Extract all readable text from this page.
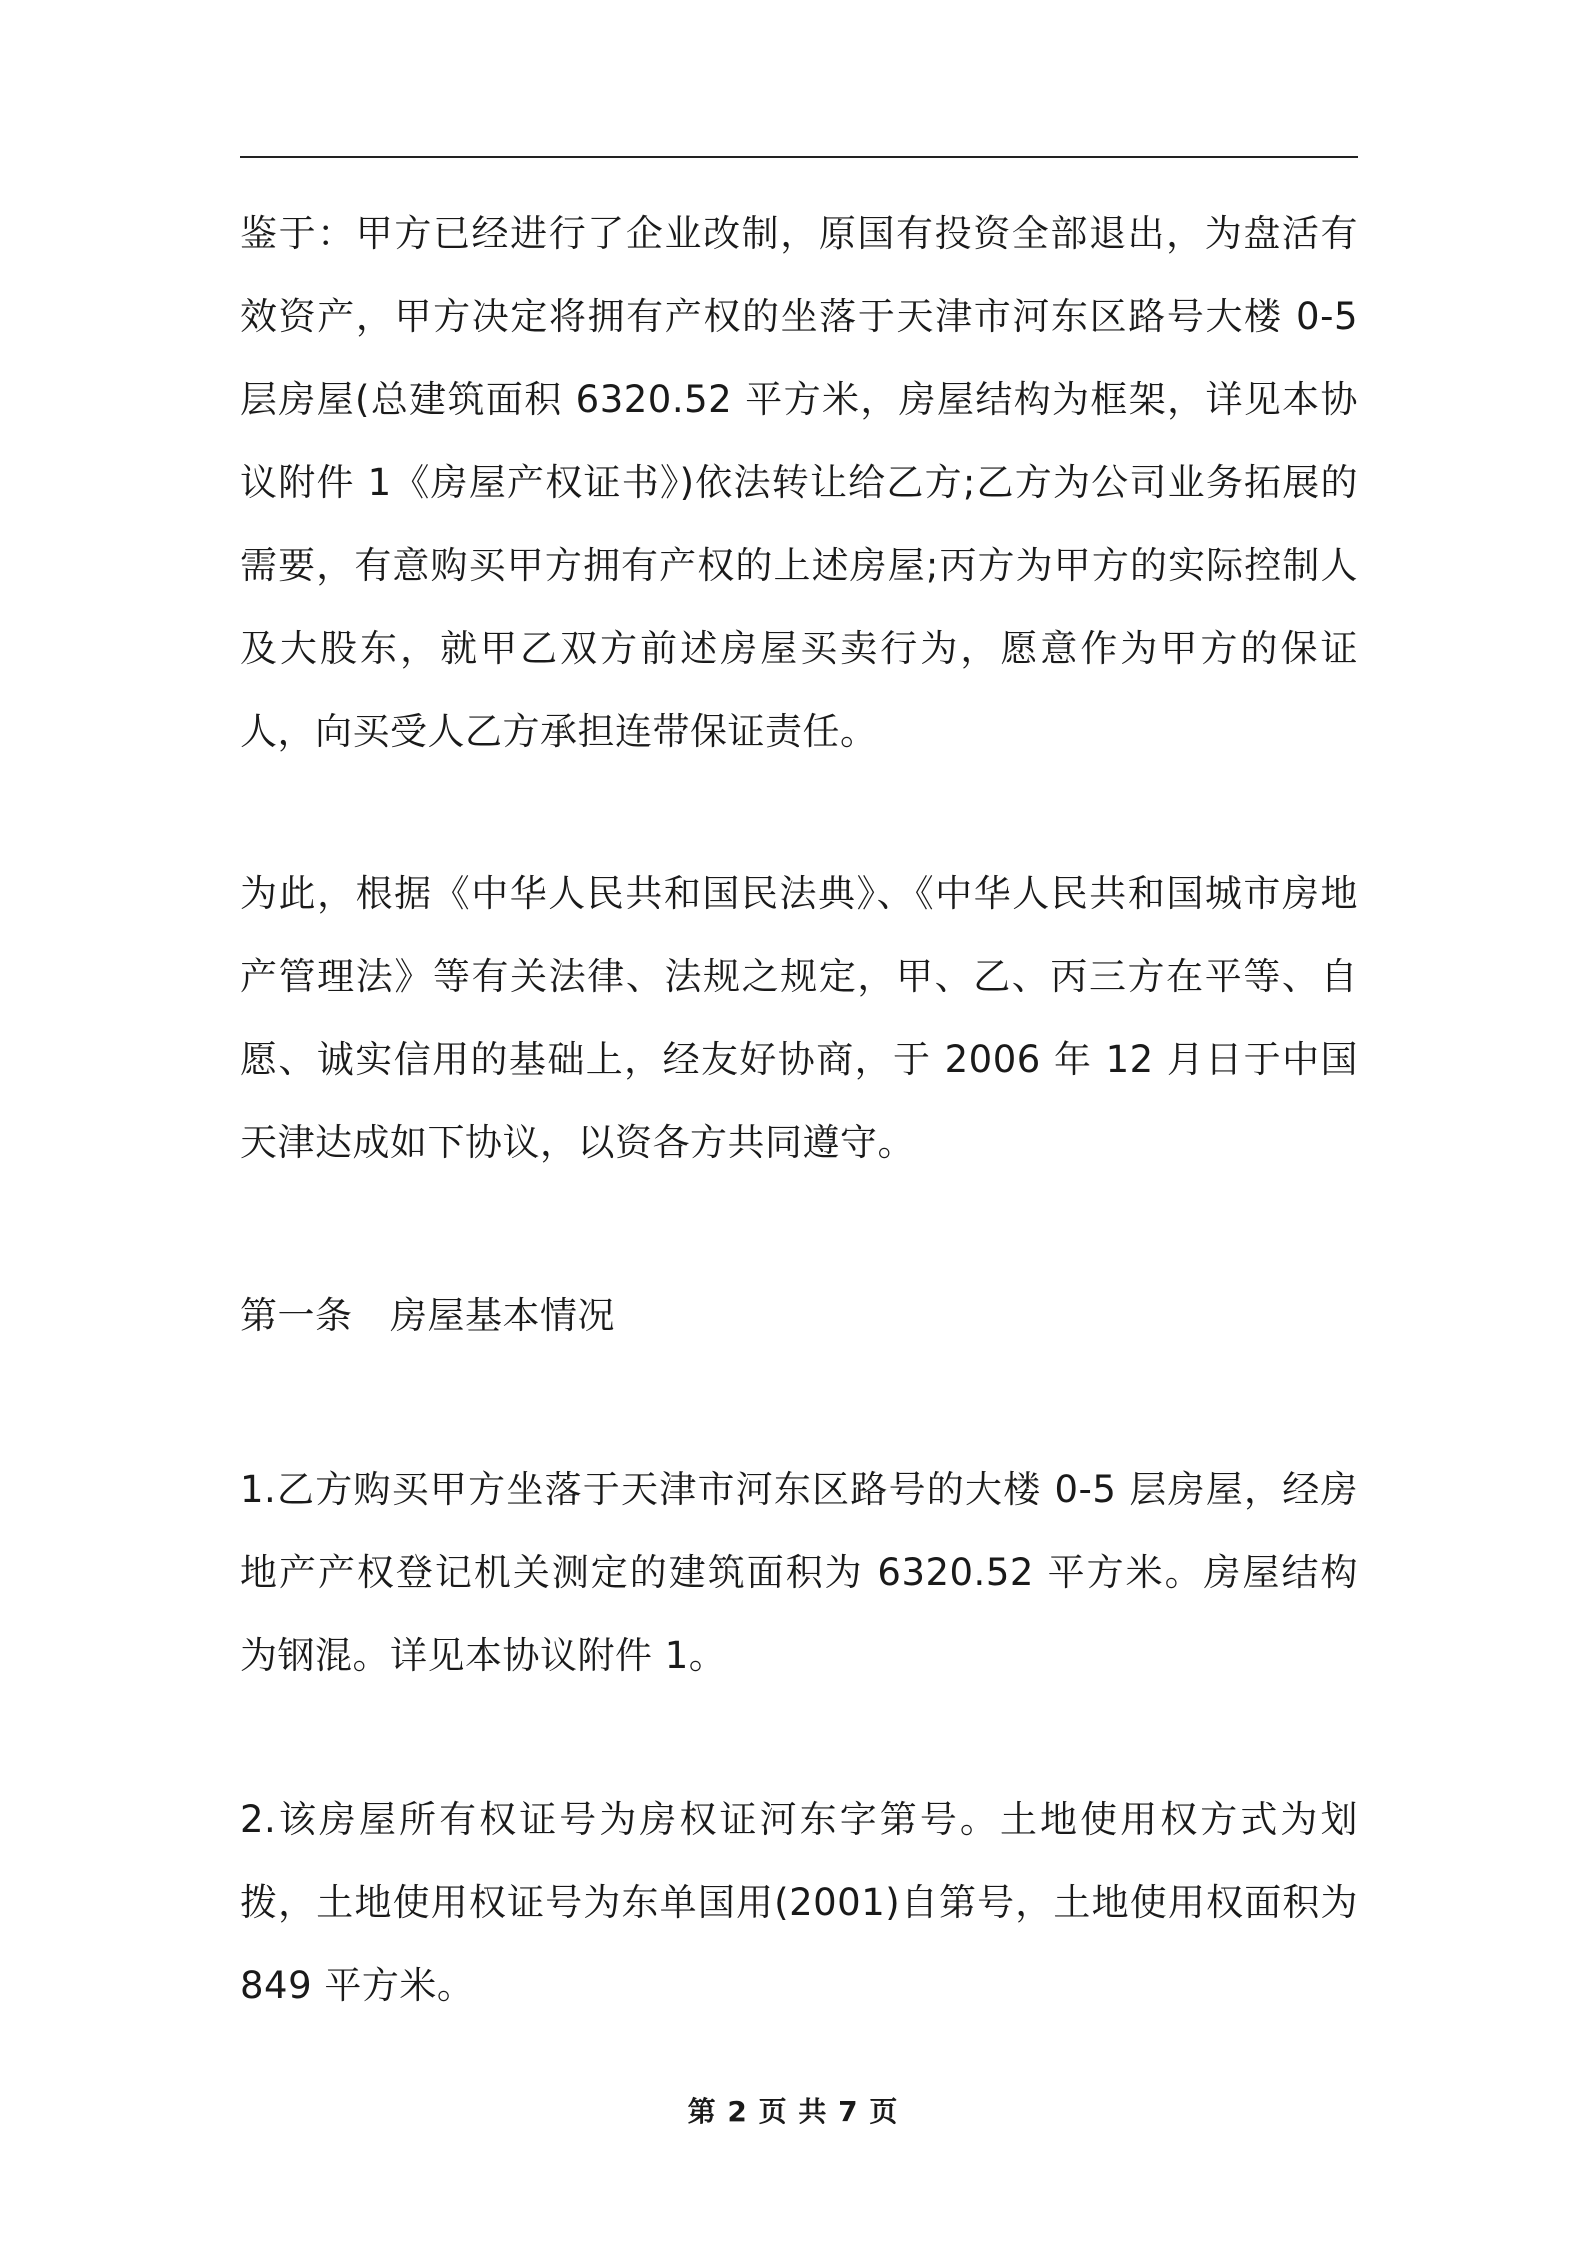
鉴于：甲方已经进行了企业改制，原国有投资全部退出，为盘活有效资产，甲方决定将拥有产权的坐落于天津市河东区路号大楼 0-5 层房屋(总建筑面积 6320.52 平方米，房屋结构为框架，详见本协议附件 1《房屋产权证书》)依法转让给乙方;乙方为公司业务拓展的需要，有意购买甲方拥有产权的上述房屋;丙方为甲方的实际控制人及大股东，就甲乙双方前述房屋买卖行为，愿意作为甲方的保证人，向买受人乙方承担连带保证责任。

为此，根据《中华人民共和国民法典》、《中华人民共和国城市房地产管理法》等有关法律、法规之规定，甲、乙、丙三方在平等、自愿、诚实信用的基础上，经友好协商，于 2006 年 12 月日于中国天津达成如下协议，以资各方共同遵守。

第一条　房屋基本情况

1.乙方购买甲方坐落于天津市河东区路号的大楼 0-5 层房屋，经房地产产权登记机关测定的建筑面积为 6320.52 平方米。房屋结构为钢混。详见本协议附件 1。

2.该房屋所有权证号为房权证河东字第号。土地使用权方式为划拨，土地使用权证号为东单国用(2001)自第号，土地使用权面积为 849 平方米。

第 2 页 共 7 页
